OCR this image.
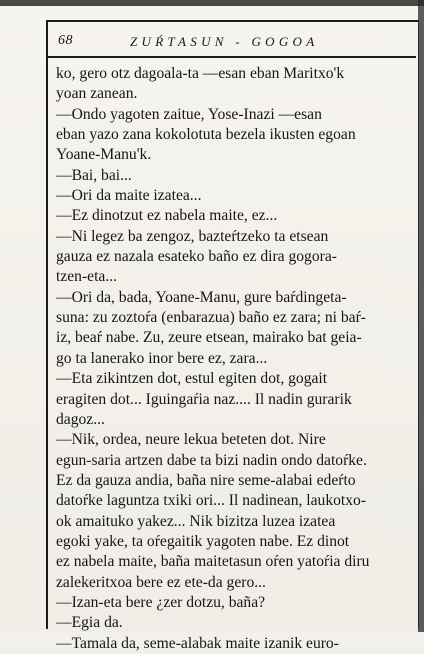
68	ZUŔTASUN - GOGOA
ko, gero otz dagoala-ta —esan eban Maritxo'k
yoan zanean.
—Ondo yagoten zaitue, Yose-Inazi —esan
eban yazo zana kokolotuta bezela ikusten egoan
Yoane-Manu'k.
—Bai, bai...
—Ori da maite izatea...
—Ez dinotzut ez nabela maite, ez...
—Ni legez ba zengoz, bazteŕtzeko ta etsean
gauza ez nazala esateko baño ez dira gogora-
tzen-eta...
—Ori da, bada, Yoane-Manu, gure baŕdingeta-
suna: zu zoztoŕa (enbarazua) baño ez zara; ni baŕ-
iz, beaŕ nabe. Zu, zeure etsean, mairako bat geia-
go ta lanerako inor bere ez, zara...
—Eta zikintzen dot, estul egiten dot, gogait
eragiten dot... Iguingaŕia naz.... Il nadin gurarik
dagoz...
—Nik, ordea, neure lekua beteten dot. Nire
egun-saria artzen dabe ta bizi nadin ondo datoŕke.
Ez da gauza andia, baña nire seme-alabai edeŕto
datoŕke laguntza txiki ori... Il nadinean, laukotxo-
ok amaituko yakez... Nik bizitza luzea izatea
egoki yake, ta oŕegaitik yagoten nabe. Ez dinot
ez nabela maite, baña maitetasun oŕen yatoŕia diru
zalekeritxoa bere ez ete-da gero...
—Izan-eta bere ¿zer dotzu, baña?
—Egia da.
—Tamala da, seme-alabak maite izanik euro-
